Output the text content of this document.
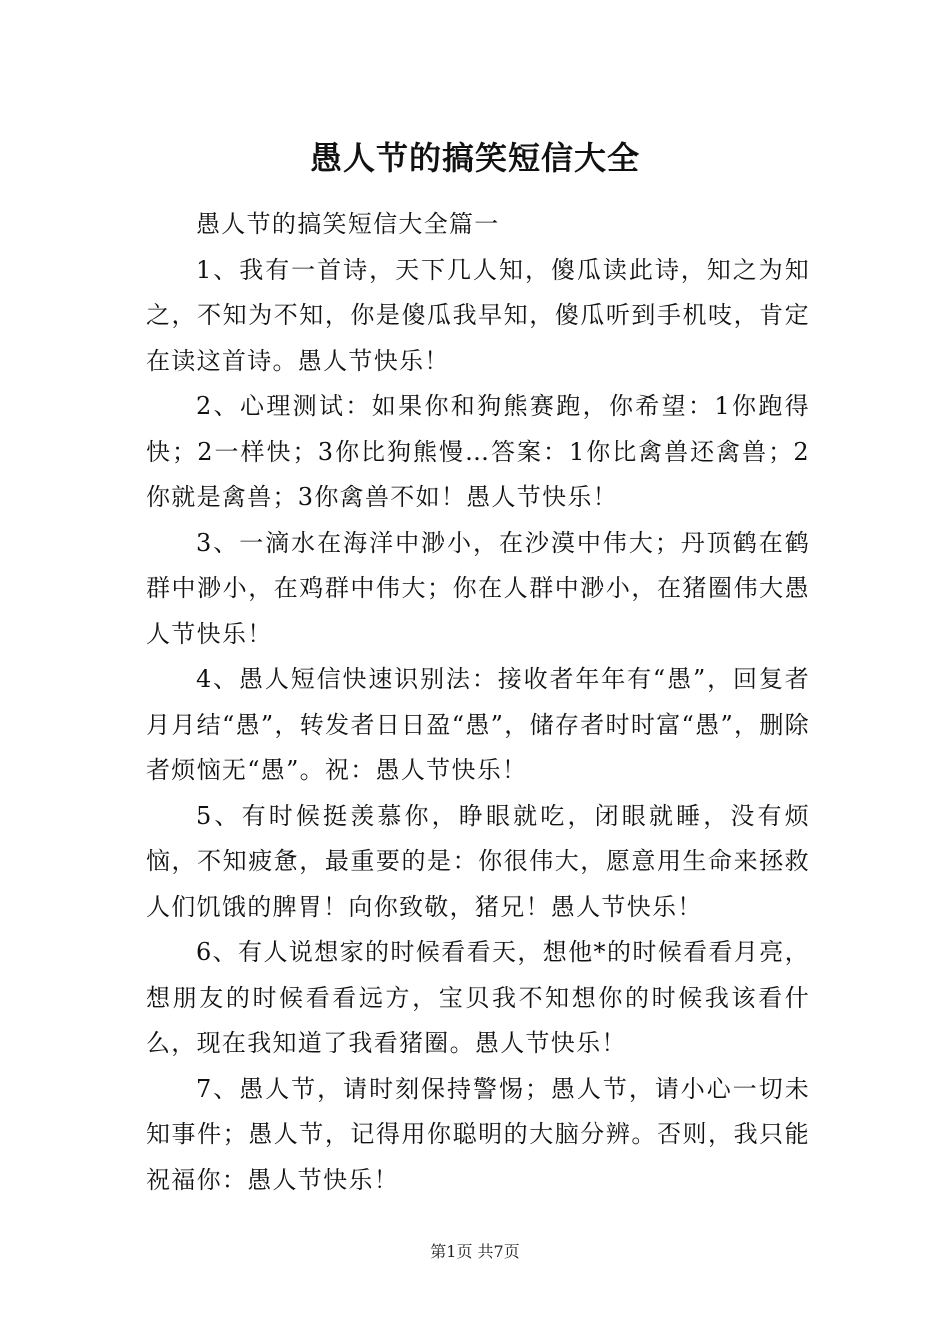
愚人节的搞笑短信大全

愚人节的搞笑短信大全篇一

1、我有一首诗，天下几人知，傻瓜读此诗，知之为知之，不知为不知，你是傻瓜我早知，傻瓜听到手机吱，肯定在读这首诗。愚人节快乐！

2、心理测试：如果你和狗熊赛跑，你希望：1你跑得快；2一样快；3你比狗熊慢…答案：1你比禽兽还禽兽；2你就是禽兽；3你禽兽不如！愚人节快乐！

3、一滴水在海洋中渺小，在沙漠中伟大；丹顶鹤在鹤群中渺小，在鸡群中伟大；你在人群中渺小，在猪圈伟大愚人节快乐！

4、愚人短信快速识别法：接收者年年有“愚”，回复者月月结“愚”，转发者日日盈“愚”，储存者时时富“愚”，删除者烦恼无“愚”。祝：愚人节快乐！

5、有时候挺羡慕你，睁眼就吃，闭眼就睡，没有烦恼，不知疲惫，最重要的是：你很伟大，愿意用生命来拯救人们饥饿的脾胃！向你致敬，猪兄！愚人节快乐！

6、有人说想家的时候看看天，想他*的时候看看月亮，想朋友的时候看看远方，宝贝我不知想你的时候我该看什么，现在我知道了我看猪圈。愚人节快乐！

7、愚人节，请时刻保持警惕；愚人节，请小心一切未知事件；愚人节，记得用你聪明的大脑分辨。否则，我只能祝福你：愚人节快乐！

第1页 共7页
